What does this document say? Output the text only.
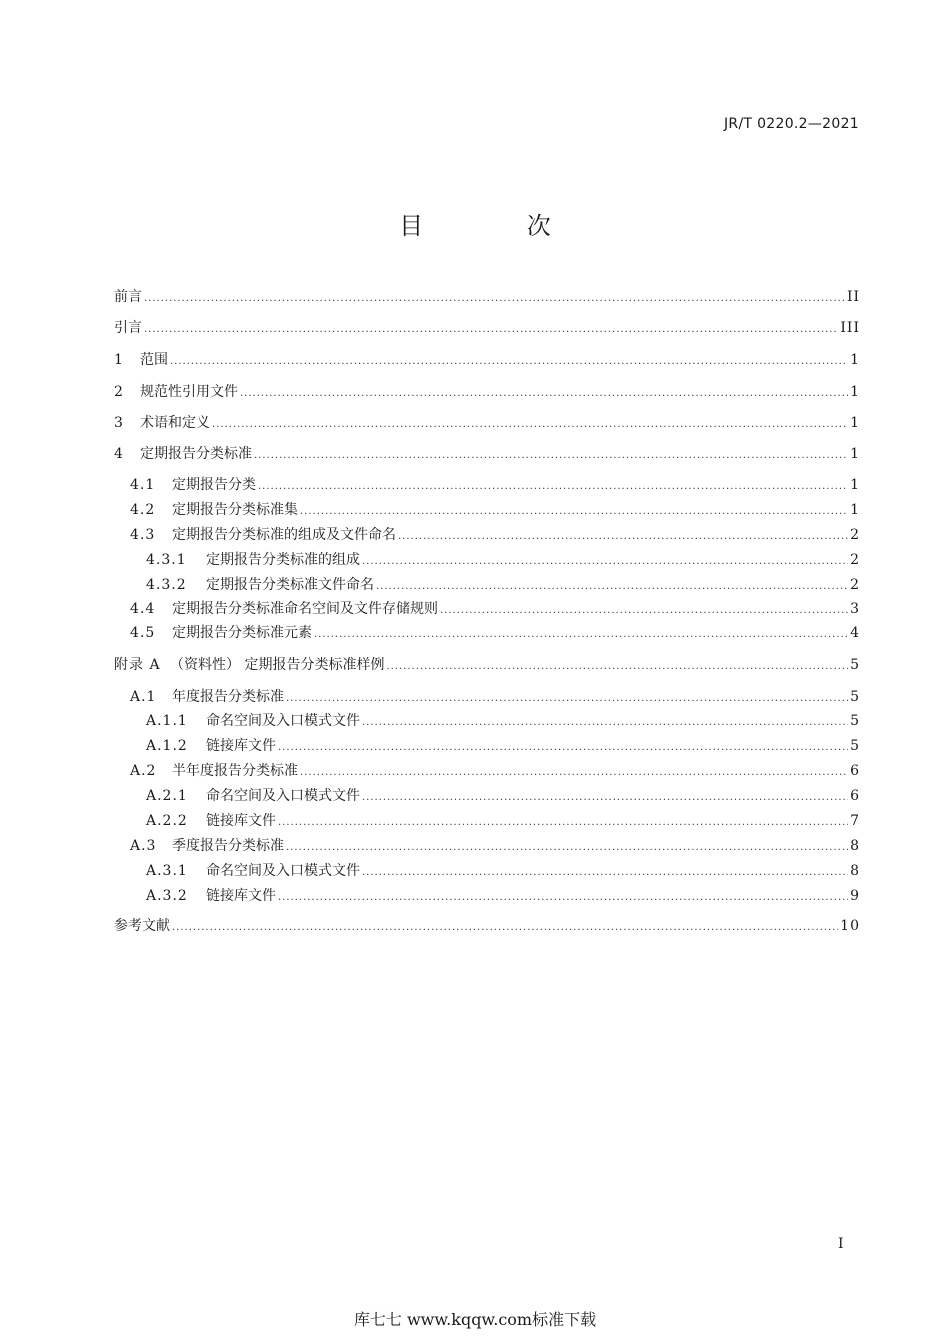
JR/T 0220.2—2021
目 次
前言 .....	II
引言 .....	III
1	范围 .....	1
2	规范性引用文件 .....	1
3	术语和定义 .....	1
4	定期报告分类标准 .....	1
4.1	定期报告分类 .....	1
4.2	定期报告分类标准集 .....	1
4.3	定期报告分类标准的组成及文件命名 .....	2
4.3.1	定期报告分类标准的组成 .....	2
4.3.2	定期报告分类标准文件命名 .....	2
4.4	定期报告分类标准命名空间及文件存储规则 .....	3
4.5	定期报告分类标准元素 .....	4
附录 A （资料性） 定期报告分类标准样例 .....	5
A.1	年度报告分类标准 .....	5
A.1.1	命名空间及入口模式文件 .....	5
A.1.2	链接库文件 .....	5
A.2	半年度报告分类标准 .....	6
A.2.1	命名空间及入口模式文件 .....	6
A.2.2	链接库文件 .....	7
A.3	季度报告分类标准 .....	8
A.3.1	命名空间及入口模式文件 .....	8
A.3.2	链接库文件 .....	9
参考文献 .....	10
I
库七七 www.kqqw.com标准下载
